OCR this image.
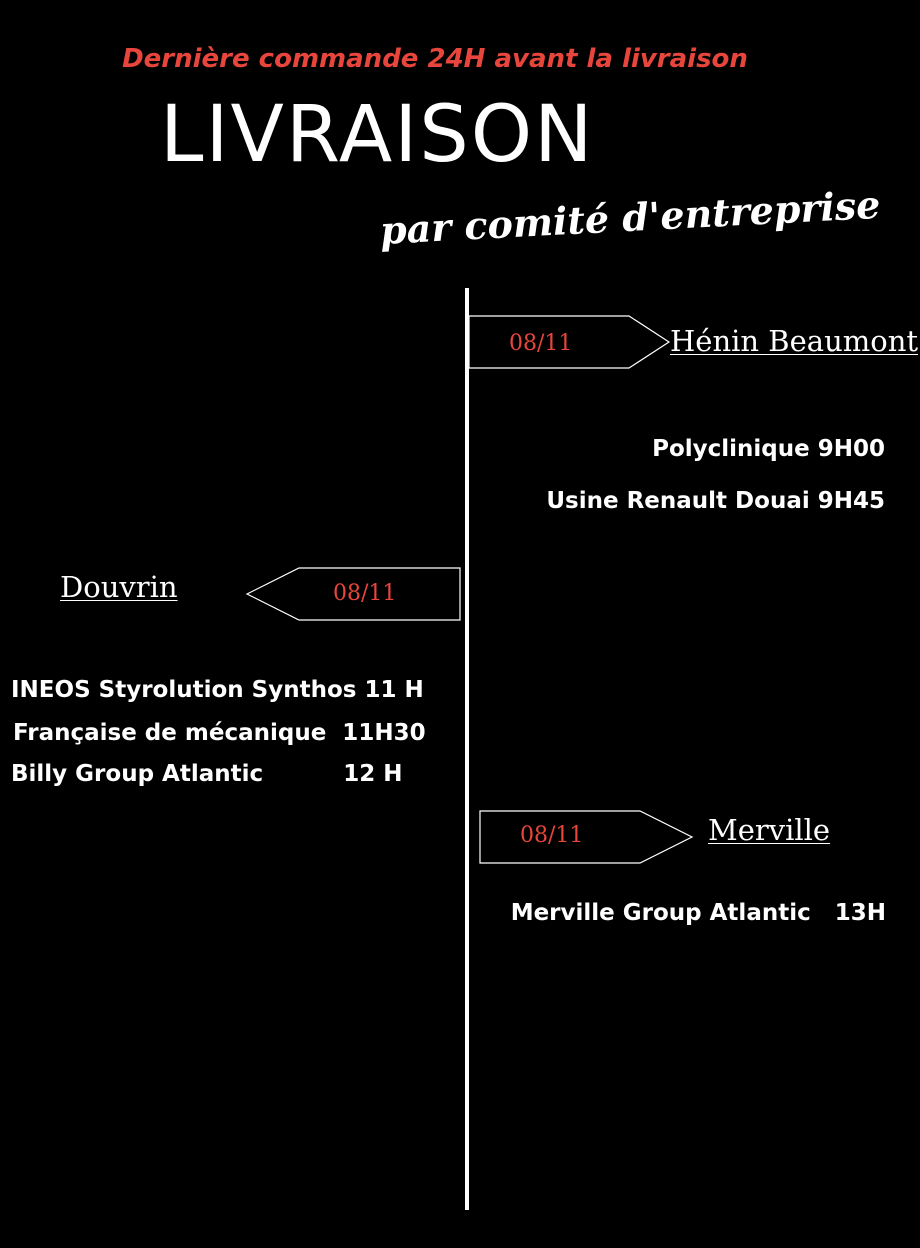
Dernière commande 24H avant la livraison
LIVRAISON
par comité d'entreprise
08/11	Hénin Beaumont
Polyclinique 9H00
Usine Renault Douai 9H45
08/11
Douvrin
INEOS Styrolution Synthos 11 H
Française de mécanique  11H30
Billy Group Atlantic          12 H
08/11	Merville
Merville Group Atlantic   13H
